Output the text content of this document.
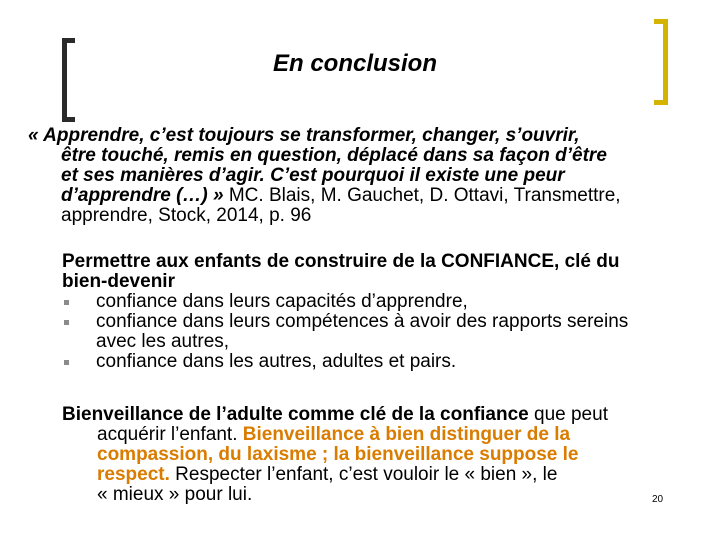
En conclusion
« Apprendre, c’est toujours se transformer, changer, s’ouvrir,
être touché, remis en question, déplacé dans sa façon d’être
et ses manières d’agir. C’est pourquoi il existe une peur
d’apprendre (…) » MC. Blais, M. Gauchet, D. Ottavi, Transmettre,
apprendre, Stock, 2014, p. 96
Permettre aux enfants de construire de la CONFIANCE, clé du
bien-devenir
confiance dans leurs capacités d’apprendre,
confiance dans leurs compétences à avoir des rapports sereins
avec les autres,
confiance dans les autres, adultes et pairs.
Bienveillance de l’adulte comme clé de la confiance que peut
acquérir l’enfant. Bienveillance à bien distinguer de la
compassion, du laxisme ; la bienveillance suppose le
respect. Respecter l’enfant, c’est vouloir le « bien », le
« mieux » pour lui.	20
